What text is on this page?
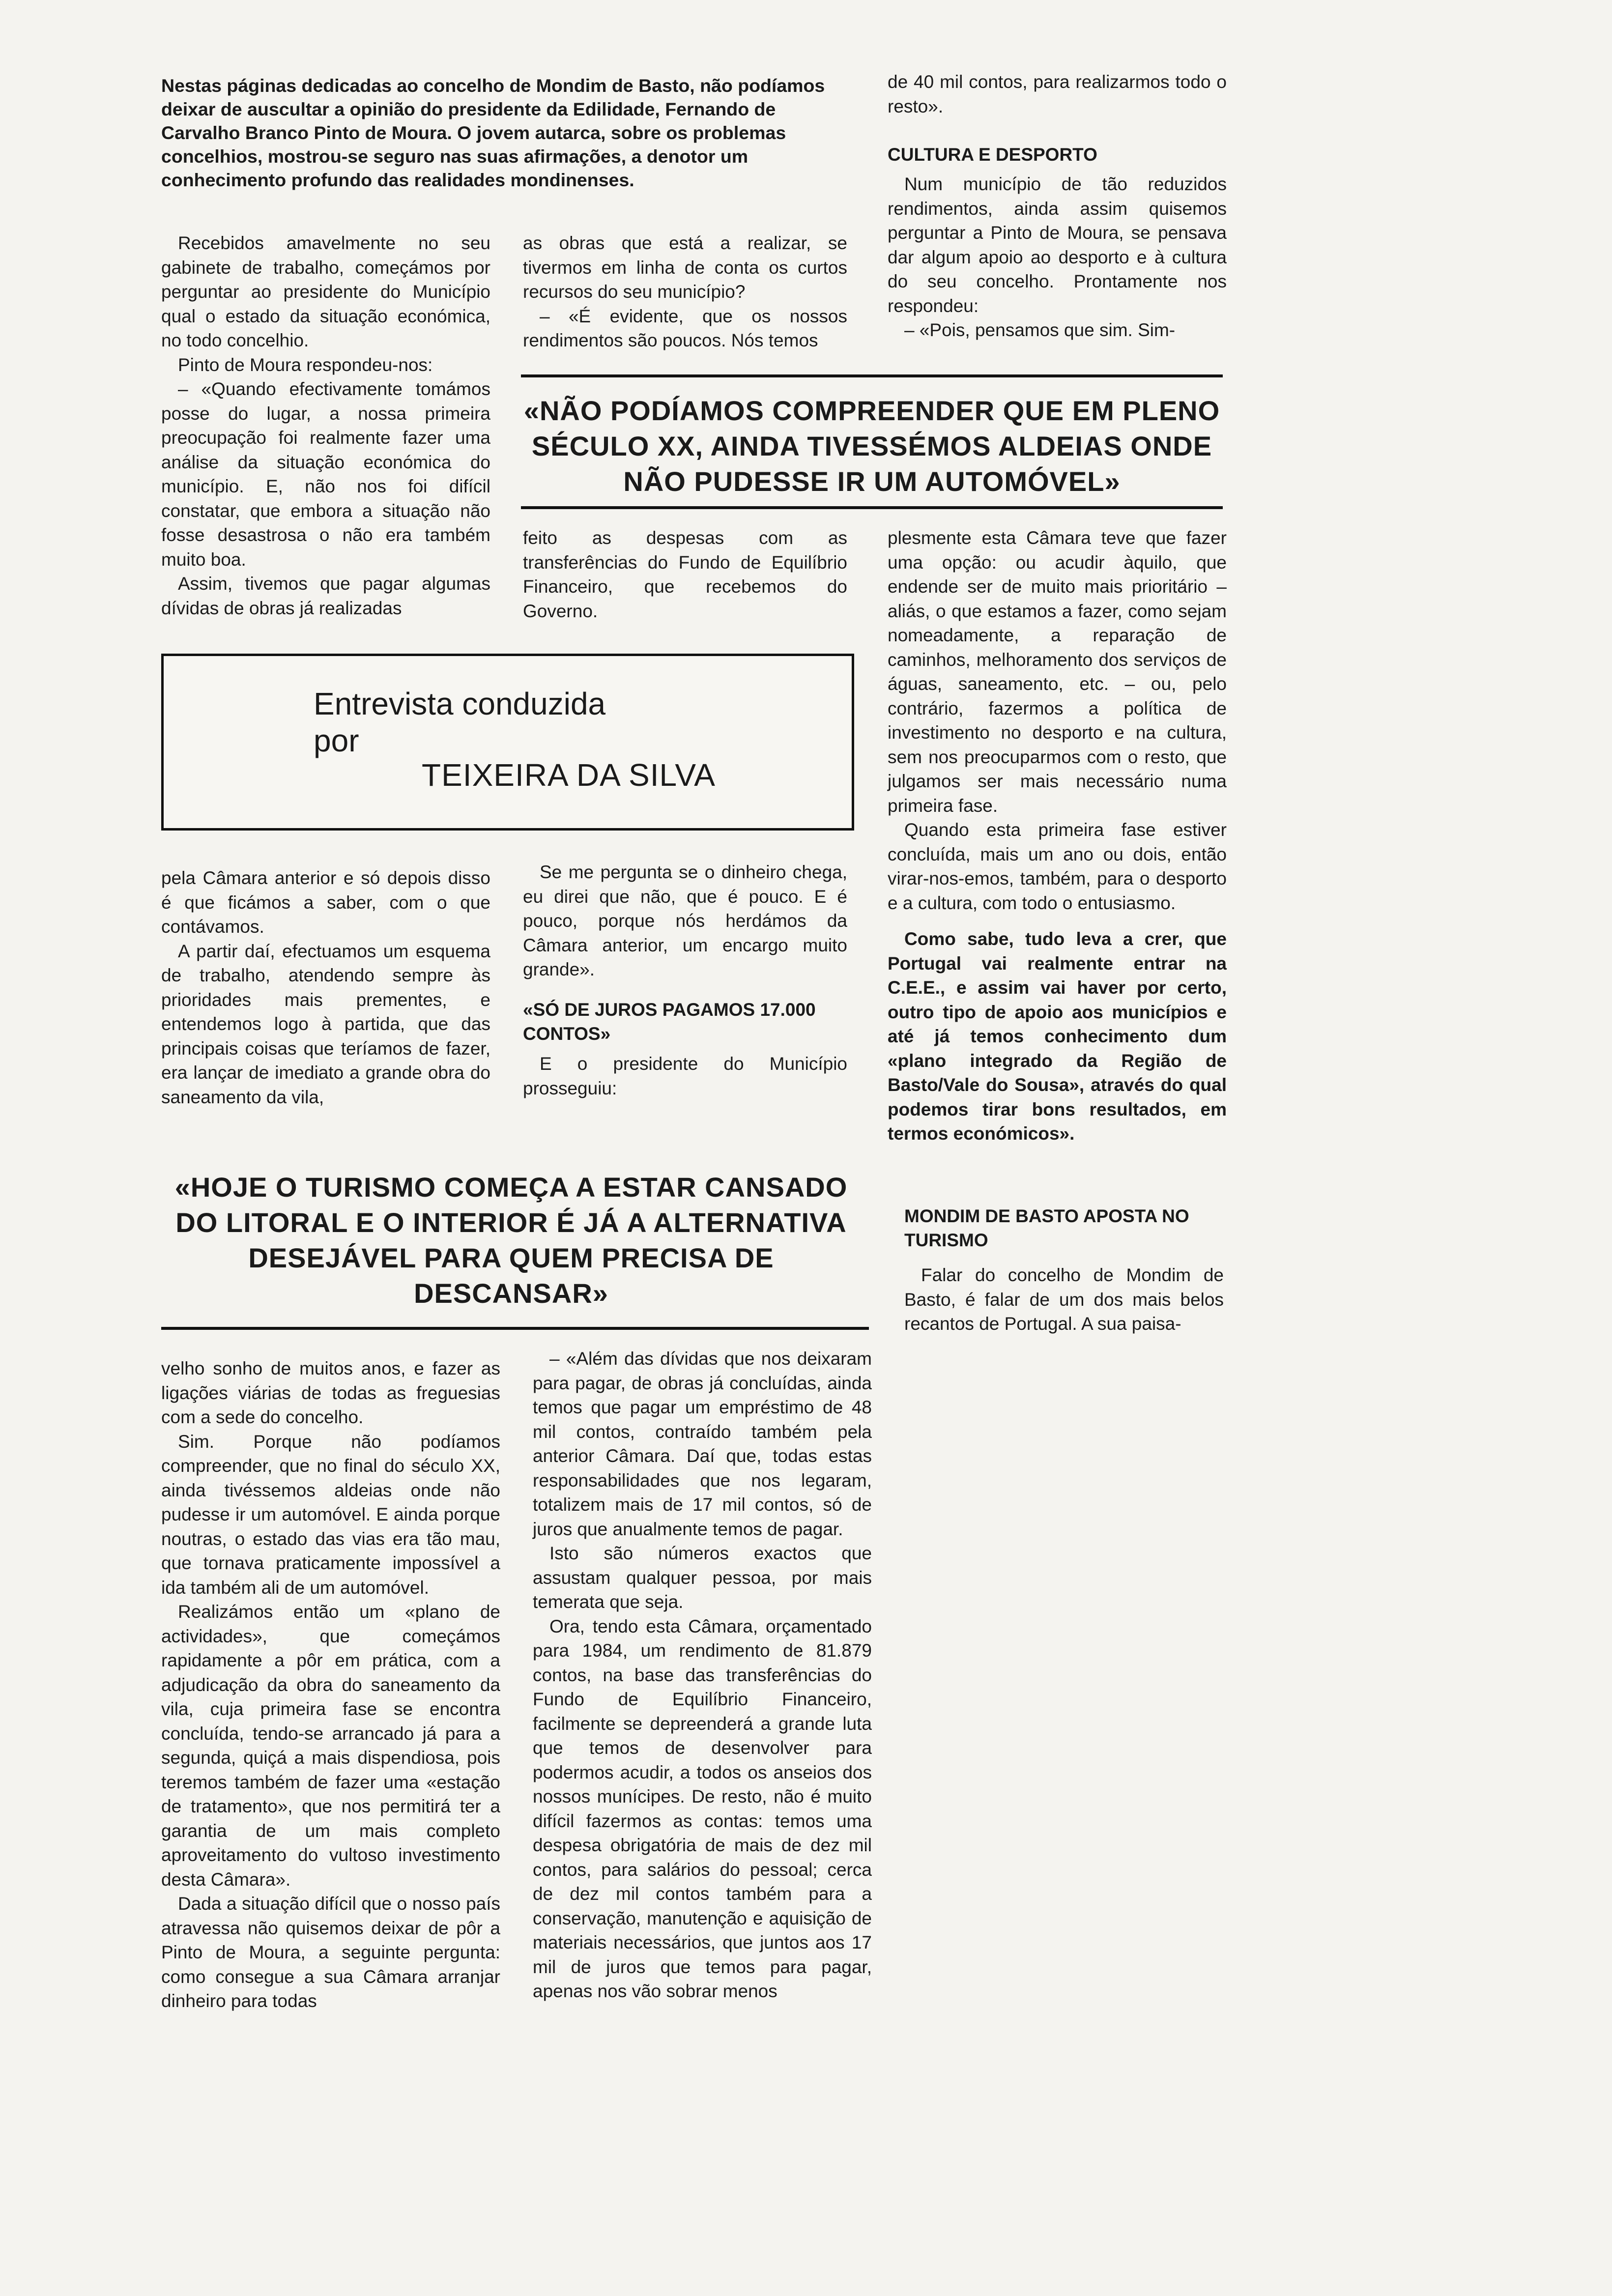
Nestas páginas dedicadas ao concelho de Mondim de Basto, não podíamos deixar de auscultar a opinião do presidente da Edilidade, Fernando de Carvalho Branco Pinto de Moura. O jovem autarca, sobre os problemas concelhios, mostrou-se seguro nas suas afirmações, a denotor um conhecimento profundo das realidades mondinenses.

de 40 mil contos, para realizarmos todo o resto».

CULTURA E DESPORTO

Num município de tão reduzidos rendimentos, ainda assim quisemos perguntar a Pinto de Moura, se pensava dar algum apoio ao desporto e à cultura do seu concelho. Prontamente nos respondeu:

– «Pois, pensamos que sim. Sim-

Recebidos amavelmente no seu gabinete de trabalho, começámos por perguntar ao presidente do Município qual o estado da situação económica, no todo concelhio.

Pinto de Moura respondeu-nos:

– «Quando efectivamente tomámos posse do lugar, a nossa primeira preocupação foi realmente fazer uma análise da situação económica do município. E, não nos foi difícil constatar, que embora a situação não fosse desastrosa o não era também muito boa.

Assim, tivemos que pagar algumas dívidas de obras já realizadas

as obras que está a realizar, se tivermos em linha de conta os curtos recursos do seu município?

– «É evidente, que os nossos rendimentos são poucos. Nós temos

«NÃO PODÍAMOS COMPREENDER QUE EM PLENO SÉCULO XX, AINDA TIVESSÉMOS ALDEIAS ONDE NÃO PUDESSE IR UM AUTOMÓVEL»

feito as despesas com as transferências do Fundo de Equilíbrio Financeiro, que recebemos do Governo.

plesmente esta Câmara teve que fazer uma opção: ou acudir àquilo, que endende ser de muito mais prioritário – aliás, o que estamos a fazer, como sejam nomeadamente, a reparação de caminhos, melhoramento dos serviços de águas, saneamento, etc. – ou, pelo contrário, fazermos a política de investimento no desporto e na cultura, sem nos preocuparmos com o resto, que julgamos ser mais necessário numa primeira fase.

Quando esta primeira fase estiver concluída, mais um ano ou dois, então virar-nos-emos, também, para o desporto e a cultura, com todo o entusiasmo.

Como sabe, tudo leva a crer, que Portugal vai realmente entrar na C.E.E., e assim vai haver por certo, outro tipo de apoio aos municípios e até já temos conhecimento dum «plano integrado da Região de Basto/Vale do Sousa», através do qual podemos tirar bons resultados, em termos económicos».

Entrevista conduzida
por
TEIXEIRA DA SILVA

pela Câmara anterior e só depois disso é que ficámos a saber, com o que contávamos.

A partir daí, efectuamos um esquema de trabalho, atendendo sempre às prioridades mais prementes, e entendemos logo à partida, que das principais coisas que teríamos de fazer, era lançar de imediato a grande obra do saneamento da vila,

Se me pergunta se o dinheiro chega, eu direi que não, que é pouco. E é pouco, porque nós herdámos da Câmara anterior, um encargo muito grande».

«SÓ DE JUROS PAGAMOS 17.000 CONTOS»

E o presidente do Município prosseguiu:

«HOJE O TURISMO COMEÇA A ESTAR CANSADO DO LITORAL E O INTERIOR É JÁ A ALTERNATIVA DESEJÁVEL PARA QUEM PRECISA DE DESCANSAR»

MONDIM DE BASTO APOSTA NO TURISMO

Falar do concelho de Mondim de Basto, é falar de um dos mais belos recantos de Portugal. A sua paisa-

velho sonho de muitos anos, e fazer as ligações viárias de todas as freguesias com a sede do concelho.

Sim. Porque não podíamos compreender, que no final do século XX, ainda tivéssemos aldeias onde não pudesse ir um automóvel. E ainda porque noutras, o estado das vias era tão mau, que tornava praticamente impossível a ida também ali de um automóvel.

Realizámos então um «plano de actividades», que começámos rapidamente a pôr em prática, com a adjudicação da obra do saneamento da vila, cuja primeira fase se encontra concluída, tendo-se arrancado já para a segunda, quiçá a mais dispendiosa, pois teremos também de fazer uma «estação de tratamento», que nos permitirá ter a garantia de um mais completo aproveitamento do vultoso investimento desta Câmara».

Dada a situação difícil que o nosso país atravessa não quisemos deixar de pôr a Pinto de Moura, a seguinte pergunta: como consegue a sua Câmara arranjar dinheiro para todas

– «Além das dívidas que nos deixaram para pagar, de obras já concluídas, ainda temos que pagar um empréstimo de 48 mil contos, contraído também pela anterior Câmara. Daí que, todas estas responsabilidades que nos legaram, totalizem mais de 17 mil contos, só de juros que anualmente temos de pagar.

Isto são números exactos que assustam qualquer pessoa, por mais temerata que seja.

Ora, tendo esta Câmara, orçamentado para 1984, um rendimento de 81.879 contos, na base das transferências do Fundo de Equilíbrio Financeiro, facilmente se depreenderá a grande luta que temos de desenvolver para podermos acudir, a todos os anseios dos nossos munícipes. De resto, não é muito difícil fazermos as contas: temos uma despesa obrigatória de mais de dez mil contos, para salários do pessoal; cerca de dez mil contos também para a conservação, manutenção e aquisição de materiais necessários, que juntos aos 17 mil de juros que temos para pagar, apenas nos vão sobrar menos
